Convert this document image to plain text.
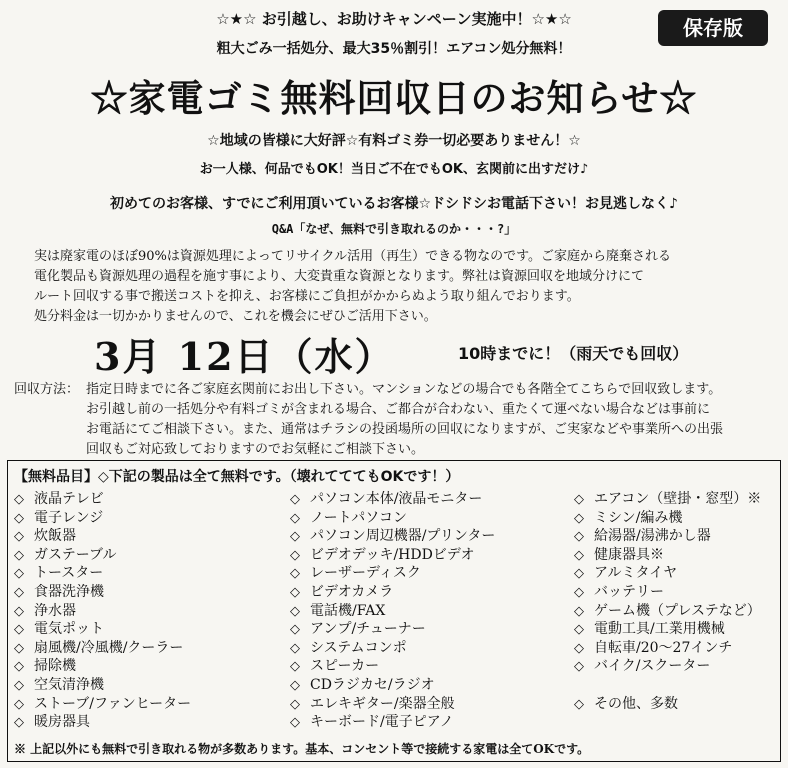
☆★☆ お引越し、お助けキャンペーン実施中！☆★☆	保存版
粗大ごみ一括処分、最大35％割引！エアコン処分無料！
☆家電ゴミ無料回収日のお知らせ☆
☆地域の皆様に大好評☆有料ゴミ券一切必要ありません！☆
お一人様、何品でもOK！当日ご不在でもOK、玄関前に出すだけ♪
初めてのお客様、すでにご利用頂いているお客様☆ドシドシお電話下さい！お見逃しなく♪
Q&A「なぜ、無料で引き取れるのか・・・?」
実は廃家電のほぼ90%は資源処理によってリサイクル活用（再生）できる物なのです。ご家庭から廃棄される
電化製品も資源処理の過程を施す事により、大変貴重な資源となります。弊社は資源回収を地域分けにて
ルート回収する事で搬送コストを抑え、お客様にご負担がかからぬよう取り組んでおります。
処分料金は一切かかりませんので、これを機会にぜひご活用下さい。
3月 12日（水）	10時までに！（雨天でも回収）
回収方法： 指定日時までに各ご家庭玄関前にお出し下さい。マンションなどの場合でも各階全てこちらで回収致します。
お引越し前の一括処分や有料ゴミが含まれる場合、ご都合が合わない、重たくて運べない場合などは事前に
お電話にてご相談下さい。また、通常はチラシの投函場所の回収になりますが、ご実家などや事業所への出張
回収もご対応致しておりますのでお気軽にご相談下さい。
【無料品目】◇下記の製品は全て無料です。（壊れてててもOKです！）
◇ 液晶テレビ
◇ 電子レンジ
◇ 炊飯器
◇ ガステーブル
◇ トースター
◇ 食器洗浄機
◇ 浄水器
◇ 電気ポット
◇ 扇風機/冷風機/クーラー
◇ 掃除機
◇ 空気清浄機
◇ ストーブ/ファンヒーター
◇ 暖房器具
◇ パソコン本体/液晶モニター
◇ ノートパソコン
◇ パソコン周辺機器/プリンター
◇ ビデオデッキ/HDDビデオ
◇ レーザーディスク
◇ ビデオカメラ
◇ 電話機/FAX
◇ アンプ/チューナー
◇ システムコンポ
◇ スピーカー
◇ CDラジカセ/ラジオ
◇ エレキギター/楽器全般
◇ キーボード/電子ピアノ
◇ エアコン（壁掛・窓型）※
◇ ミシン/編み機
◇ 給湯器/湯沸かし器
◇ 健康器具※
◇ アルミタイヤ
◇ バッテリー
◇ ゲーム機（プレステなど）
◇ 電動工具/工業用機械
◇ 自転車/20～27インチ
◇ バイク/スクーター
◇ その他、多数
※ 上記以外にも無料で引き取れる物が多数あります。基本、コンセント等で接続する家電は全てOKです。
